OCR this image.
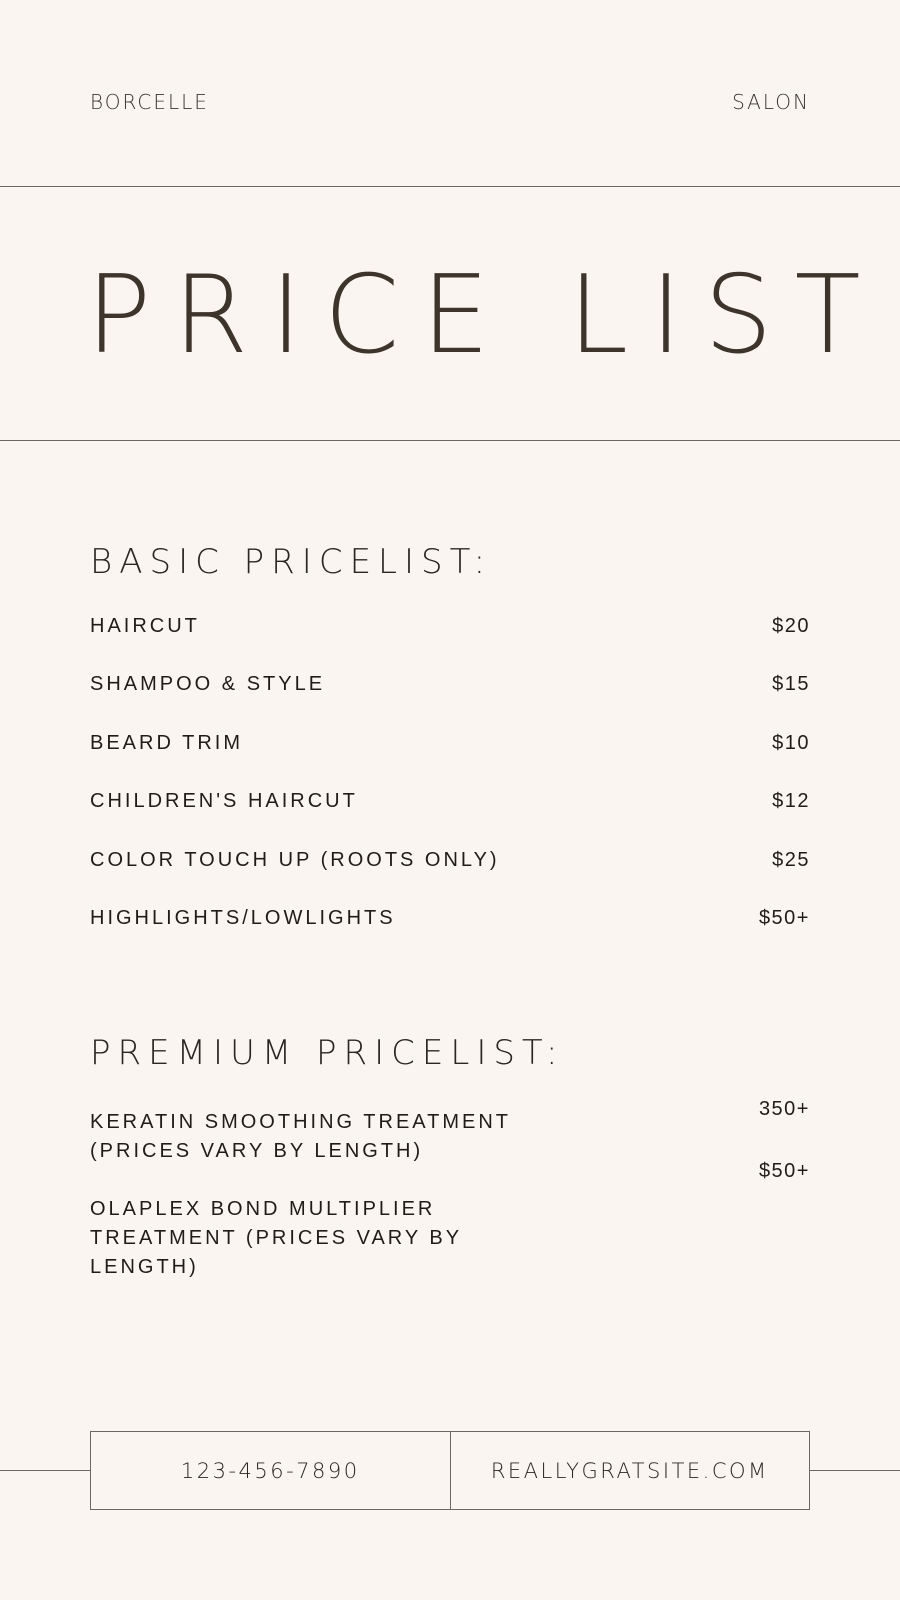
BORCELLE	SALON
PRICE LIST
BASIC PRICELIST:
HAIRCUT	$20
SHAMPOO & STYLE	$15
BEARD TRIM	$10
CHILDREN'S HAIRCUT	$12
COLOR TOUCH UP (ROOTS ONLY)	$25
HIGHLIGHTS/LOWLIGHTS	$50+
PREMIUM PRICELIST:
KERATIN SMOOTHING TREATMENT (PRICES VARY BY LENGTH)
350+
OLAPLEX BOND MULTIPLIER TREATMENT (PRICES VARY BY LENGTH)
$50+
123-456-7890	REALLYGRATSITE.COM
